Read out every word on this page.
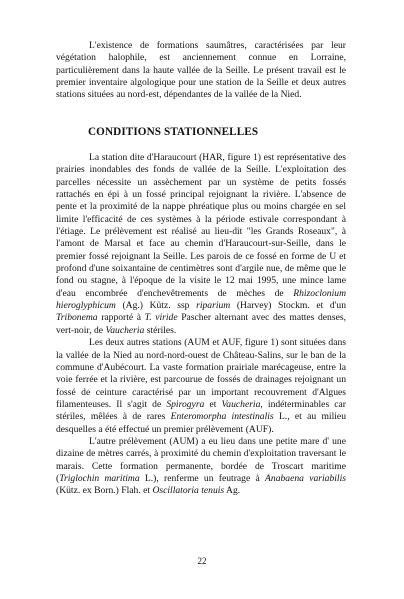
L'existence de formations saumâtres, caractérisées par leur végétation halophile, est anciennement connue en Lorraine, particulièrement dans la haute vallée de la Seille. Le présent travail est le premier inventaire algologique pour une station de la Seille et deux autres stations situées au nord-est, dépendantes de la vallée de la Nied.

CONDITIONS STATIONNELLES

La station dite d'Haraucourt (HAR, figure 1) est représentative des prairies inondables des fonds de vallée de la Seille. L'exploitation des parcelles nécessite un assèchement par un système de petits fossés rattachés en épi à un fossé principal rejoignant la rivière. L'absence de pente et la proximité de la nappe phréatique plus ou moins chargée en sel limite l'efficacité de ces systèmes à la période estivale correspondant à l'étiage. Le prélèvement est réalisé au lieu-dit "les Grands Roseaux", à l'amont de Marsal et face au chemin d'Haraucourt-sur-Seille, dans le premier fossé rejoignant la Seille. Les parois de ce fossé en forme de U et profond d'une soixantaine de centimètres sont d'argile nue, de même que le fond ou stagne, à l'époque de la visite le 12 mai 1995, une mince lame d'eau encombrée d'enchevêtrements de mèches de Rhizoclonium hieroglyphicum (Ag.) Kütz. ssp riparium (Harvey) Stockm. et d'un Tribonema rapporté à T. viride Pascher alternant avec des mattes denses, vert-noir, de Vaucheria stériles.

Les deux autres stations (AUM et AUF, figure 1) sont situées dans la vallée de la Nied au nord-nord-ouest de Château-Salins, sur le ban de la commune d'Aubécourt. La vaste formation prairiale marécageuse, entre la voie ferrée et la rivière, est parcourue de fossés de drainages rejoignant un fossé de ceinture caractérisé par un important recouvrement d'Algues filamenteuses. Il s'agit de Spirogyra et Vaucheria, indéterminables car stériles, mêlées à de rares Enteromorpha intestinalis L., et au milieu desquelles a été effectué un premier prélèvement (AUF).

L'autre prélèvement (AUM) a eu lieu dans une petite mare d' une dizaine de mètres carrés, à proximité du chemin d'exploitation traversant le marais. Cette formation permanente, bordée de Troscart maritime (Triglochin maritima L.), renferme un feutrage à Anabaena variabilis (Kütz. ex Born.) Flah. et Oscillatoria tenuis Ag.

22
